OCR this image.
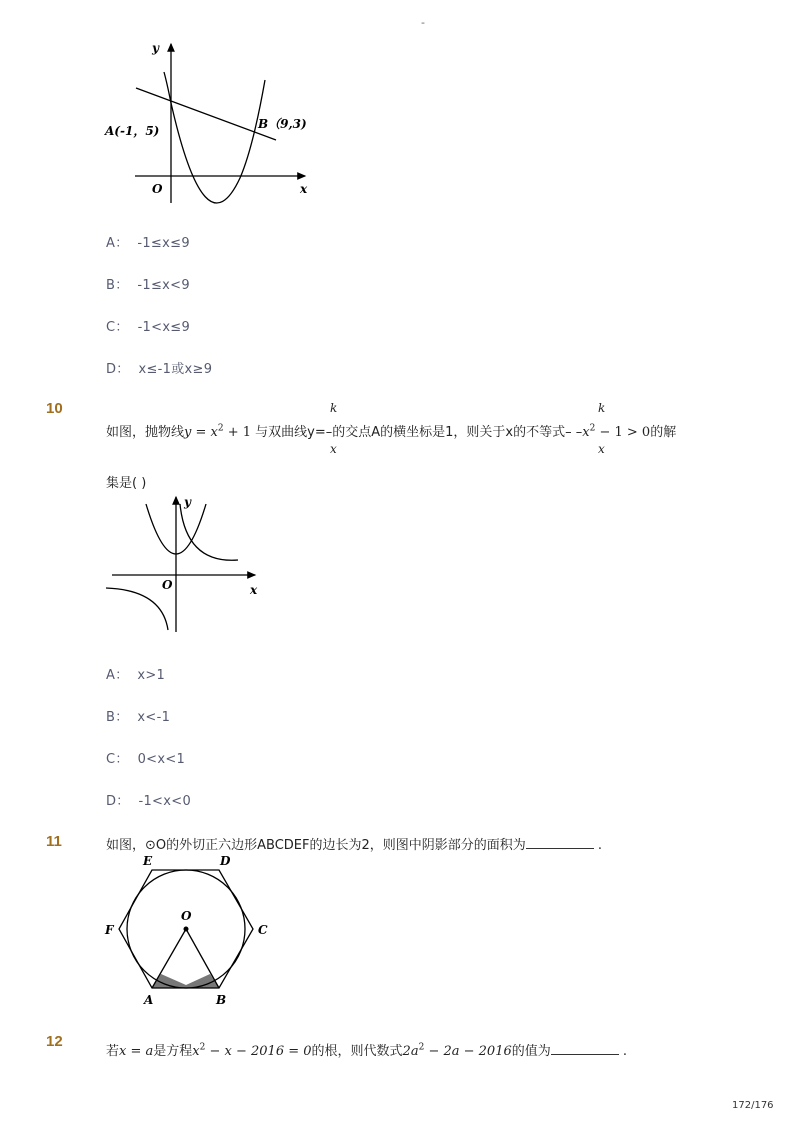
-
y
x
O
A(-1，5)	B（9,3)
A： -1≤x≤9
B： -1≤x<9
C： -1<x≤9
D： x≤-1或x≥9
10	k
x
k
x
如图，抛物线$y = x^2 + 1$ 与双曲线y=–的交点A的横坐标是1，则关于x的不等式– $-x^2 - 1 > 0$的解
集是( )
y
x
O
A： x>1
B： x<-1
C： 0<x<1
D： -1<x<0
11	如图，⊙O的外切正六边形ABCDEF的边长为2，则图中阴影部分的面积为	.
E	D
F	C
O
A	B
12
若x = a是方程$x^2 - x - 2016 = 0$的根，则代数式$2a^2 - 2a - 2016$的值为	.
172/176
